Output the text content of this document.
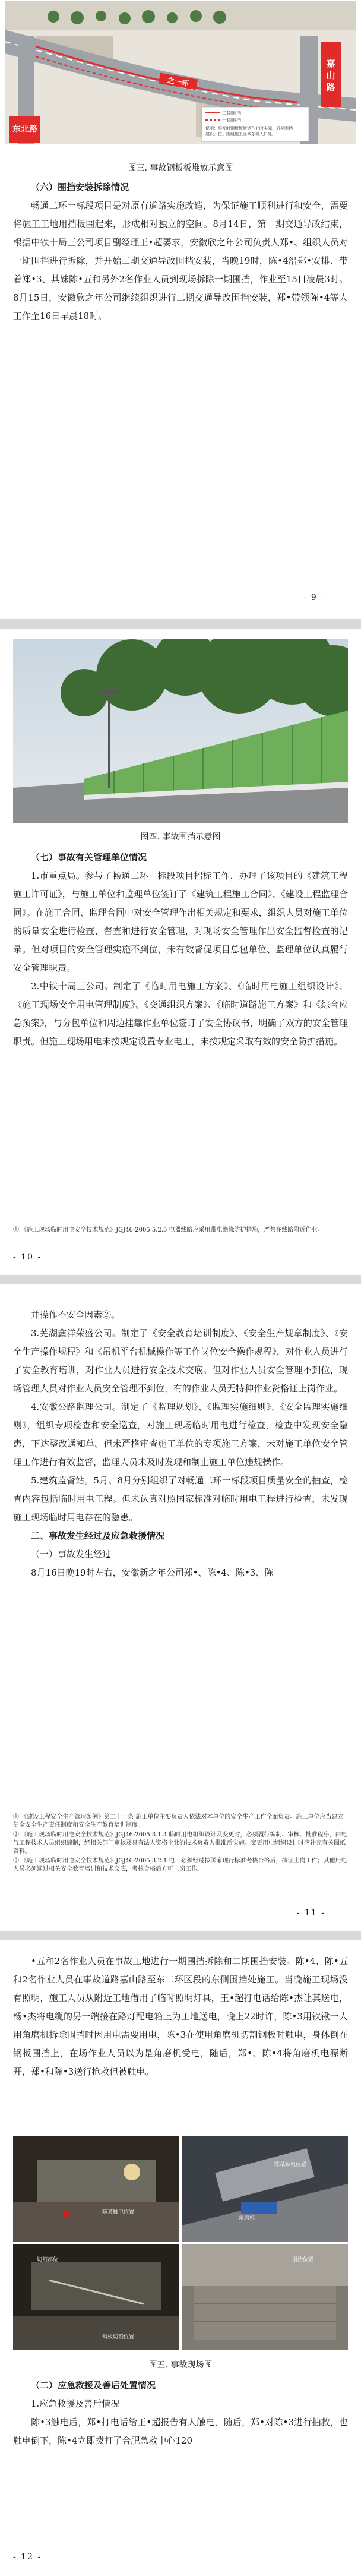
东北路
之一环
嘉
山
路
二期围挡
一期围挡
说明：事发时钢板板搬运作业时实际，后期围挡
建设。位于围绕施工区域东侧入口处。
图三. 事故钢板板堆放示意图

（六）围挡安装拆除情况

畅通二环一标段项目是对原有道路实施改造，为保证施工顺利进行和安全，需要将施工工地用挡板围起来，形成相对独立的空间。8月14日，第一期交通导改结束，根据中铁十局三公司项目副经理王•超要求，安徽欣之年公司负责人郑•、组织人员对一期围挡进行拆除，并开始二期交通导改围挡安装，当晚19时，陈•4沿郑•安排、带着郑•3、其妹陈•五和另外2名作业人员到现场拆除一期围挡，作业至15日凌晨3时。8月15日，安徽欣之年公司继续组织进行二期交通导改围挡安装，郑•带领陈•4等人工作至16日早晨18时。

- 9 -
图四. 事故围挡示意图

（七）事故有关管理单位情况

1.市重点局。参与了畅通二环一标段项目招标工作，办理了该项目的《建筑工程施工许可证》，与施工单位和监理单位签订了《建筑工程施工合同》、《建设工程监理合同》。在施工合同、监理合同中对安全管理作出相关规定和要求，组织人员对施工单位的质量安全进行检查、督查和进行安全管理，对现场安全管理作出安全监督检查的记录。但对项目的安全管理实施不到位，未有效督促项目总包单位、监理单位认真履行安全管理职责。

2.中铁十局三公司。制定了《临时用电施工方案》、《临时用电施工组织设计》、《施工现场安全用电管理制度》、《交通组织方案》、《临时道路施工方案》和《综合应急预案》，与分包单位和周边挂靠作业单位签订了安全协议书，明确了双方的安全管理职责。但施工现场用电未按规定设置专业电工，未按规定采取有效的安全防护措施。

① 《施工现场临时用电安全技术规范》JGJ46-2005 5.2.5 电器线路应采用带电绝缘防护措施，严禁在线路附近作业。
- 10 -

并操作不安全因素②。

3.芜湖鑫洋荣盛公司。制定了《安全教育培训制度》、《安全生产规章制度》、《安全生产操作规程》和《吊机平台机械操作等工作岗位安全操作规程》，对作业人员进行了安全教育培训，对作业人员进行安全技术交底。但对作业人员安全管理不到位，现场管理人员对作业人员安全管理不到位，有的作业人员无特种作业资格证上岗作业。

4.安徽公路监理公司。制定了《监理规划》、《监理实施细则》、《安全监理实施细则》，组织专项检查和安全巡查，对施工现场临时用电进行检查，检查中发现安全隐患，下达整改通知单。但未严格审查施工单位的专项施工方案，未对施工单位安全管理工作进行有效监督，监理人员未及时发现和制止施工单位违规操作。

5.建筑监督站。5月、8月分别组织了对畅通二环一标段项目质量安全的抽查，检查内容包括临时用电工程。但未认真对照国家标准对临时用电工程进行检查，未发现施工现场临时用电存在的隐患。

二、事故发生经过及应急救援情况

（一）事故发生经过

8月16日晚19时左右，安徽新之年公司郑•、陈•4、陈•3、陈

① 《建设工程安全生产管理条例》第二十一条 施工单位主要负责人依法对本单位的安全生产工作全面负责。施工单位应当建立健全安全生产责任制度和安全生产教育培训制度。
② 《施工现场临时用电安全技术规范》JGJ46-2005 3.1.4 临时用电组织设计及变更时，必须履行编制、审核、批准程序，由电气工程技术人员组织编制，经相关部门审核及具有法人资格企业的技术负责人批准后实施。变更用电组织设计时应补充有关图纸资料。
③ 《施工现场临时用电安全技术规范》JGJ46-2005 3.2.1 电工必须经过按国家现行标准考核合格后，持证上岗工作；其他用电人员必须通过相关安全教育培训和技术交底，考核合格后方可上岗工作。
- 11 -

•五和2名作业人员在事故工地进行一期围挡拆除和二期围挡安装。陈•4、陈•五和2名作业人员在事故道路嘉山路至东二环区段的东侧围挡处施工。当晚施工现场没有照明，施工人员从附近工地借用了临时照明灯具，王•超打电话给陈•杰让其送电，杨•杰将电缆的另一端接在路灯配电箱上为工地送电，晚上22时许，陈•3用铁锹一人用角磨机拆除围挡时因用电需要用电，陈•3在使用角磨机切割钢板时触电，身体倒在钢板围挡上，在场作业人员以为是角磨机受电，随后，郑•、陈•4将角磨机电源断开，郑•和陈•3送行抢救但被触电。

陈某触电位置
角磨机
陈某触电位置
切割部位
钢板切割位置
围挡位置
图五. 事故现场图

（二）应急救援及善后处置情况

1.应急救援及善后情况

陈•3触电后，郑•打电话给王•超报告有人触电，随后，郑•对陈•3进行抽救，也触电倒下，陈•4立即拨打了合肥急救中心120

- 12 -
